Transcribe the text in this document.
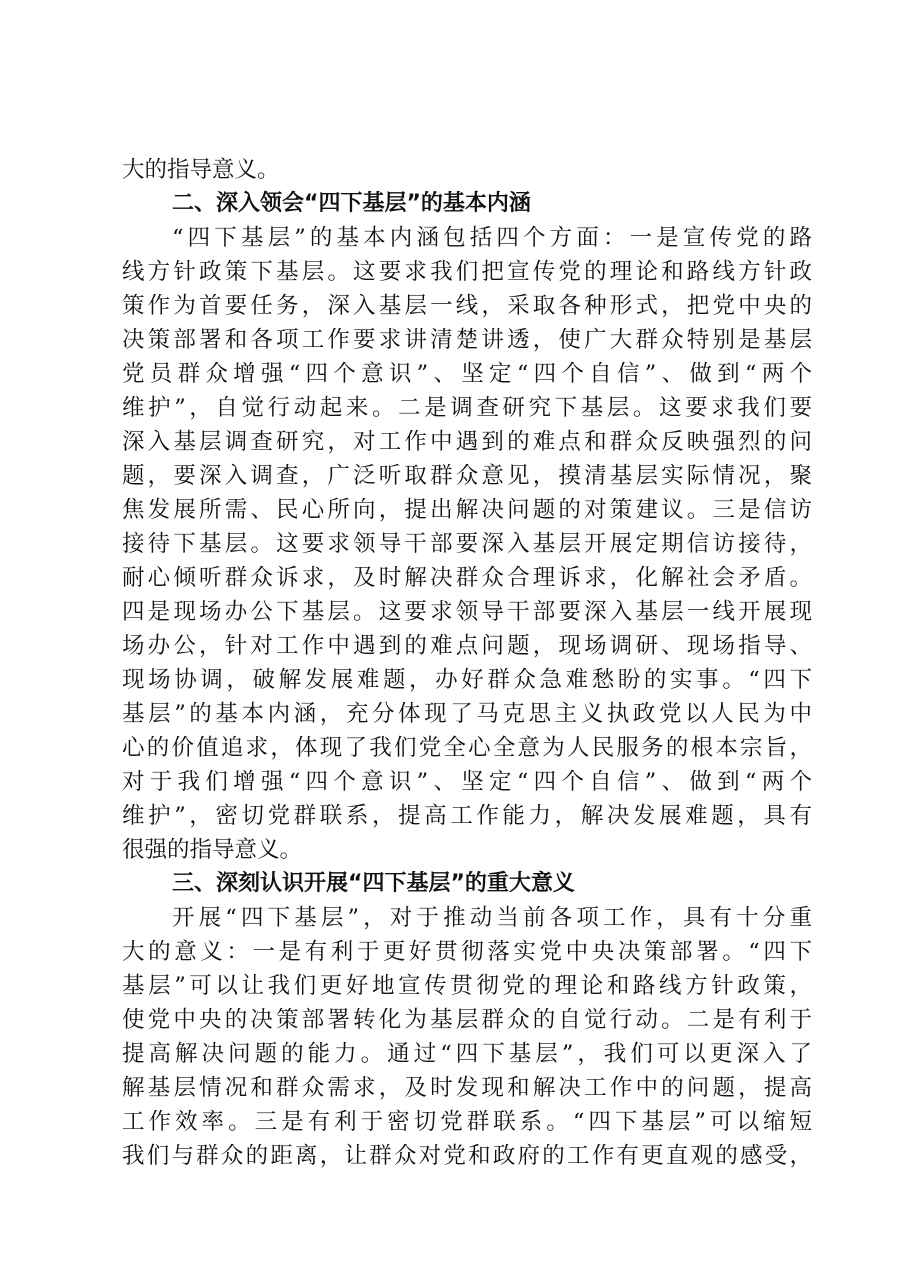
大的指导意义。
二、深入领会“四下基层”的基本内涵
“四下基层”的基本内涵包括四个方面：一是宣传党的路
线方针政策下基层。这要求我们把宣传党的理论和路线方针政
策作为首要任务，深入基层一线，采取各种形式，把党中央的
决策部署和各项工作要求讲清楚讲透，使广大群众特别是基层
党员群众增强“四个意识”、坚定“四个自信”、做到“两个
维护”，自觉行动起来。二是调查研究下基层。这要求我们要
深入基层调查研究，对工作中遇到的难点和群众反映强烈的问
题，要深入调查，广泛听取群众意见，摸清基层实际情况，聚
焦发展所需、民心所向，提出解决问题的对策建议。三是信访
接待下基层。这要求领导干部要深入基层开展定期信访接待，
耐心倾听群众诉求，及时解决群众合理诉求，化解社会矛盾。
四是现场办公下基层。这要求领导干部要深入基层一线开展现
场办公，针对工作中遇到的难点问题，现场调研、现场指导、
现场协调，破解发展难题，办好群众急难愁盼的实事。“四下
基层”的基本内涵，充分体现了马克思主义执政党以人民为中
心的价值追求，体现了我们党全心全意为人民服务的根本宗旨，
对于我们增强“四个意识”、坚定“四个自信”、做到“两个
维护”，密切党群联系，提高工作能力，解决发展难题，具有
很强的指导意义。
三、深刻认识开展“四下基层”的重大意义
开展“四下基层”，对于推动当前各项工作，具有十分重
大的意义：一是有利于更好贯彻落实党中央决策部署。“四下
基层”可以让我们更好地宣传贯彻党的理论和路线方针政策，
使党中央的决策部署转化为基层群众的自觉行动。二是有利于
提高解决问题的能力。通过“四下基层”，我们可以更深入了
解基层情况和群众需求，及时发现和解决工作中的问题，提高
工作效率。三是有利于密切党群联系。“四下基层”可以缩短
我们与群众的距离，让群众对党和政府的工作有更直观的感受，
